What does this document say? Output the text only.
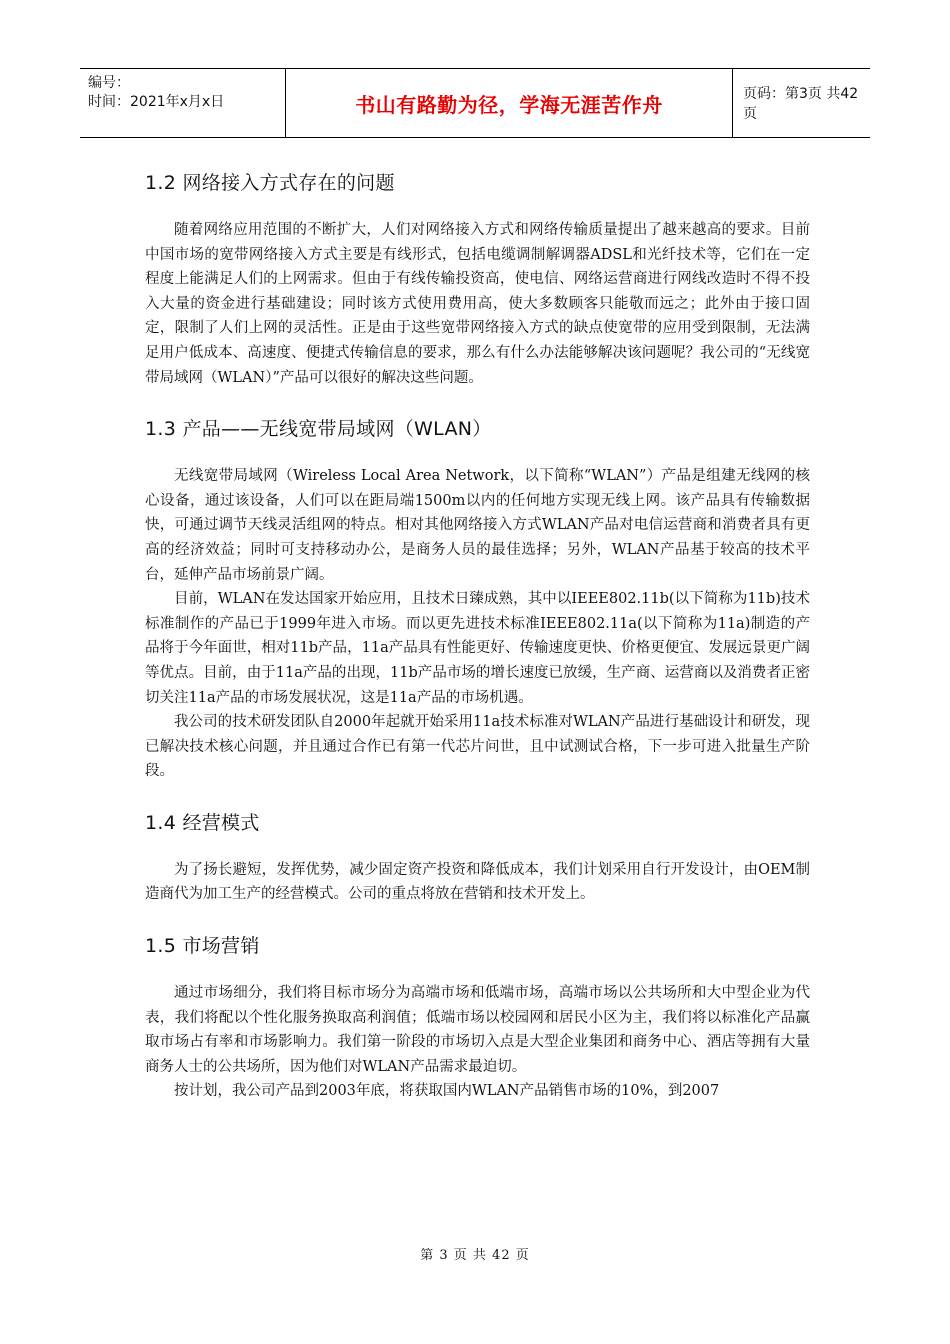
编号：
时间：2021年x月x日	书山有路勤为径，学海无涯苦作舟	页码：第3页 共42页
1.2 网络接入方式存在的问题

随着网络应用范围的不断扩大，人们对网络接入方式和网络传输质量提出了越来越高的要求。目前中国市场的宽带网络接入方式主要是有线形式，包括电缆调制解调器ADSL和光纤技术等，它们在一定程度上能满足人们的上网需求。但由于有线传输投资高，使电信、网络运营商进行网线改造时不得不投入大量的资金进行基础建设；同时该方式使用费用高，使大多数顾客只能敬而远之；此外由于接口固定，限制了人们上网的灵活性。正是由于这些宽带网络接入方式的缺点使宽带的应用受到限制，无法满足用户低成本、高速度、便捷式传输信息的要求，那么有什么办法能够解决该问题呢？我公司的“无线宽带局域网（WLAN）”产品可以很好的解决这些问题。

1.3 产品——无线宽带局域网（WLAN）

无线宽带局域网（Wireless Local Area Network，以下简称“WLAN”）产品是组建无线网的核心设备，通过该设备，人们可以在距局端1500m以内的任何地方实现无线上网。该产品具有传输数据快，可通过调节天线灵活组网的特点。相对其他网络接入方式WLAN产品对电信运营商和消费者具有更高的经济效益；同时可支持移动办公，是商务人员的最佳选择；另外，WLAN产品基于较高的技术平台，延伸产品市场前景广阔。

目前，WLAN在发达国家开始应用，且技术日臻成熟，其中以IEEE802.11b(以下简称为11b)技术标准制作的产品已于1999年进入市场。而以更先进技术标准IEEE802.11a(以下简称为11a)制造的产品将于今年面世，相对11b产品，11a产品具有性能更好、传输速度更快、价格更便宜、发展远景更广阔等优点。目前，由于11a产品的出现，11b产品市场的增长速度已放缓，生产商、运营商以及消费者正密切关注11a产品的市场发展状况，这是11a产品的市场机遇。

我公司的技术研发团队自2000年起就开始采用11a技术标准对WLAN产品进行基础设计和研发，现已解决技术核心问题，并且通过合作已有第一代芯片问世，且中试测试合格，下一步可进入批量生产阶段。

1.4 经营模式

为了扬长避短，发挥优势，减少固定资产投资和降低成本，我们计划采用自行开发设计，由OEM制造商代为加工生产的经营模式。公司的重点将放在营销和技术开发上。

1.5 市场营销

通过市场细分，我们将目标市场分为高端市场和低端市场，高端市场以公共场所和大中型企业为代表，我们将配以个性化服务换取高利润值；低端市场以校园网和居民小区为主，我们将以标准化产品赢取市场占有率和市场影响力。我们第一阶段的市场切入点是大型企业集团和商务中心、酒店等拥有大量商务人士的公共场所，因为他们对WLAN产品需求最迫切。

按计划，我公司产品到2003年底，将获取国内WLAN产品销售市场的10%，到2007

第 3 页 共 42 页
